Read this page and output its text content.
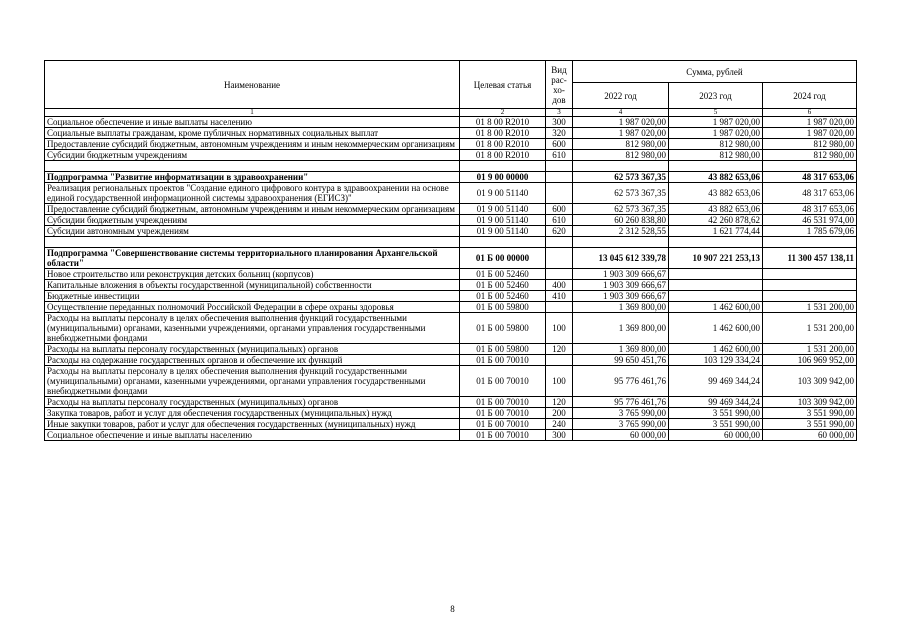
Наименование	Целевая статья	Вид рас-хо-дов	Сумма, рублей		
			2022 год	2023 год	2024 год
1	2	3	4	5	6
Социальное обеспечение и иные выплаты населению	01 8 00 R2010	300	1 987 020,00	1 987 020,00	1 987 020,00
Социальные выплаты гражданам, кроме публичных нормативных социальных выплат	01 8 00 R2010	320	1 987 020,00	1 987 020,00	1 987 020,00
Предоставление субсидий бюджетным, автономным учреждениям и иным некоммерческим организациям	01 8 00 R2010	600	812 980,00	812 980,00	812 980,00
Субсидии бюджетным учреждениям	01 8 00 R2010	610	812 980,00	812 980,00	812 980,00

Подпрограмма "Развитие информатизации в здравоохранении"	01 9 00 00000		62 573 367,35	43 882 653,06	48 317 653,06
Реализация региональных проектов "Создание единого цифрового контура в здравоохранении на основе единой государственной информационной системы здравоохранения (ЕГИСЗ)"	01 9 00 51140		62 573 367,35	43 882 653,06	48 317 653,06
Предоставление субсидий бюджетным, автономным учреждениям и иным некоммерческим организациям	01 9 00 51140	600	62 573 367,35	43 882 653,06	48 317 653,06
Субсидии бюджетным учреждениям	01 9 00 51140	610	60 260 838,80	42 260 878,62	46 531 974,00
Субсидии автономным учреждениям	01 9 00 51140	620	2 312 528,55	1 621 774,44	1 785 679,06

Подпрограмма "Совершенствование системы территориального планирования Архангельской области"	01 Б 00 00000		13 045 612 339,78	10 907 221 253,13	11 300 457 138,11
Новое строительство или реконструкция детских больниц (корпусов)	01 Б 00 52460		1 903 309 666,67		
Капитальные вложения в объекты государственной (муниципальной) собственности	01 Б 00 52460	400	1 903 309 666,67		
Бюджетные инвестиции	01 Б 00 52460	410	1 903 309 666,67		
Осуществление переданных полномочий Российской Федерации в сфере охраны здоровья	01 Б 00 59800		1 369 800,00	1 462 600,00	1 531 200,00
Расходы на выплаты персоналу в целях обеспечения выполнения функций государственными (муниципальными) органами, казенными учреждениями, органами управления государственными внебюджетными фондами	01 Б 00 59800	100	1 369 800,00	1 462 600,00	1 531 200,00
Расходы на выплаты персоналу государственных (муниципальных) органов	01 Б 00 59800	120	1 369 800,00	1 462 600,00	1 531 200,00
Расходы на содержание государственных органов и обеспечение их функций	01 Б 00 70010		99 650 451,76	103 129 334,24	106 969 952,00
Расходы на выплаты персоналу в целях обеспечения выполнения функций государственными (муниципальными) органами, казенными учреждениями, органами управления государственными внебюджетными фондами	01 Б 00 70010	100	95 776 461,76	99 469 344,24	103 309 942,00
Расходы на выплаты персоналу государственных (муниципальных) органов	01 Б 00 70010	120	95 776 461,76	99 469 344,24	103 309 942,00
Закупка товаров, работ и услуг для обеспечения государственных (муниципальных) нужд	01 Б 00 70010	200	3 765 990,00	3 551 990,00	3 551 990,00
Иные закупки товаров, работ и услуг для обеспечения государственных (муниципальных) нужд	01 Б 00 70010	240	3 765 990,00	3 551 990,00	3 551 990,00
Социальное обеспечение и иные выплаты населению	01 Б 00 70010	300	60 000,00	60 000,00	60 000,00
8
